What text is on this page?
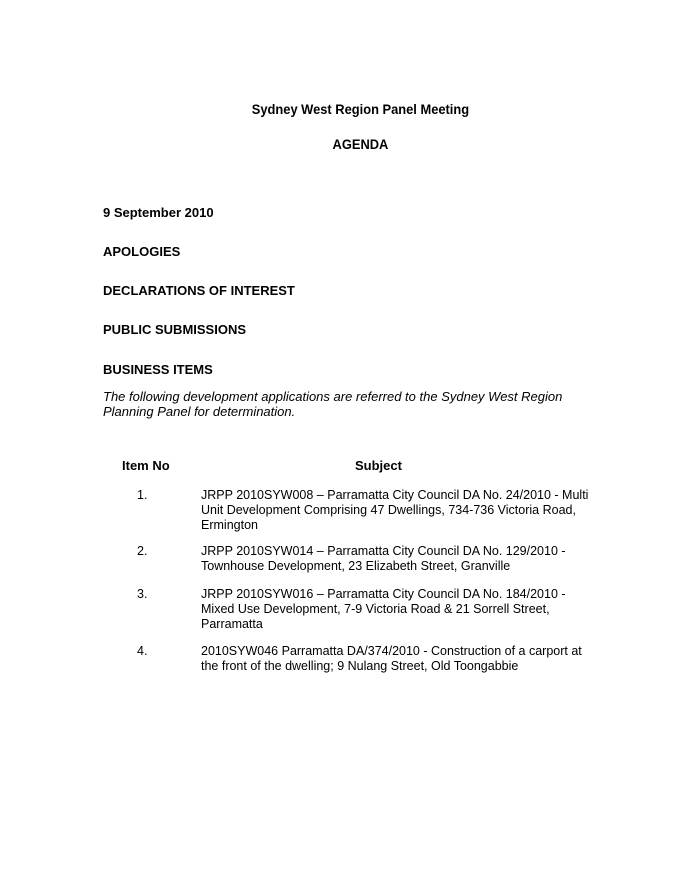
Sydney West Region Panel Meeting
AGENDA
9 September 2010
APOLOGIES
DECLARATIONS OF INTEREST
PUBLIC SUBMISSIONS
BUSINESS ITEMS
The following development applications are referred to the Sydney West Region Planning Panel for determination.
Item No	Subject
1.	JRPP 2010SYW008 – Parramatta City Council DA No. 24/2010 - Multi Unit Development Comprising 47 Dwellings, 734-736 Victoria Road, Ermington
2.	JRPP 2010SYW014 – Parramatta City Council DA No. 129/2010 - Townhouse Development, 23 Elizabeth Street, Granville
3.	JRPP 2010SYW016 – Parramatta City Council DA No. 184/2010 - Mixed Use Development, 7-9 Victoria Road & 21 Sorrell Street, Parramatta
4.	2010SYW046 Parramatta DA/374/2010 - Construction of a carport at the front of the dwelling; 9 Nulang Street, Old Toongabbie
